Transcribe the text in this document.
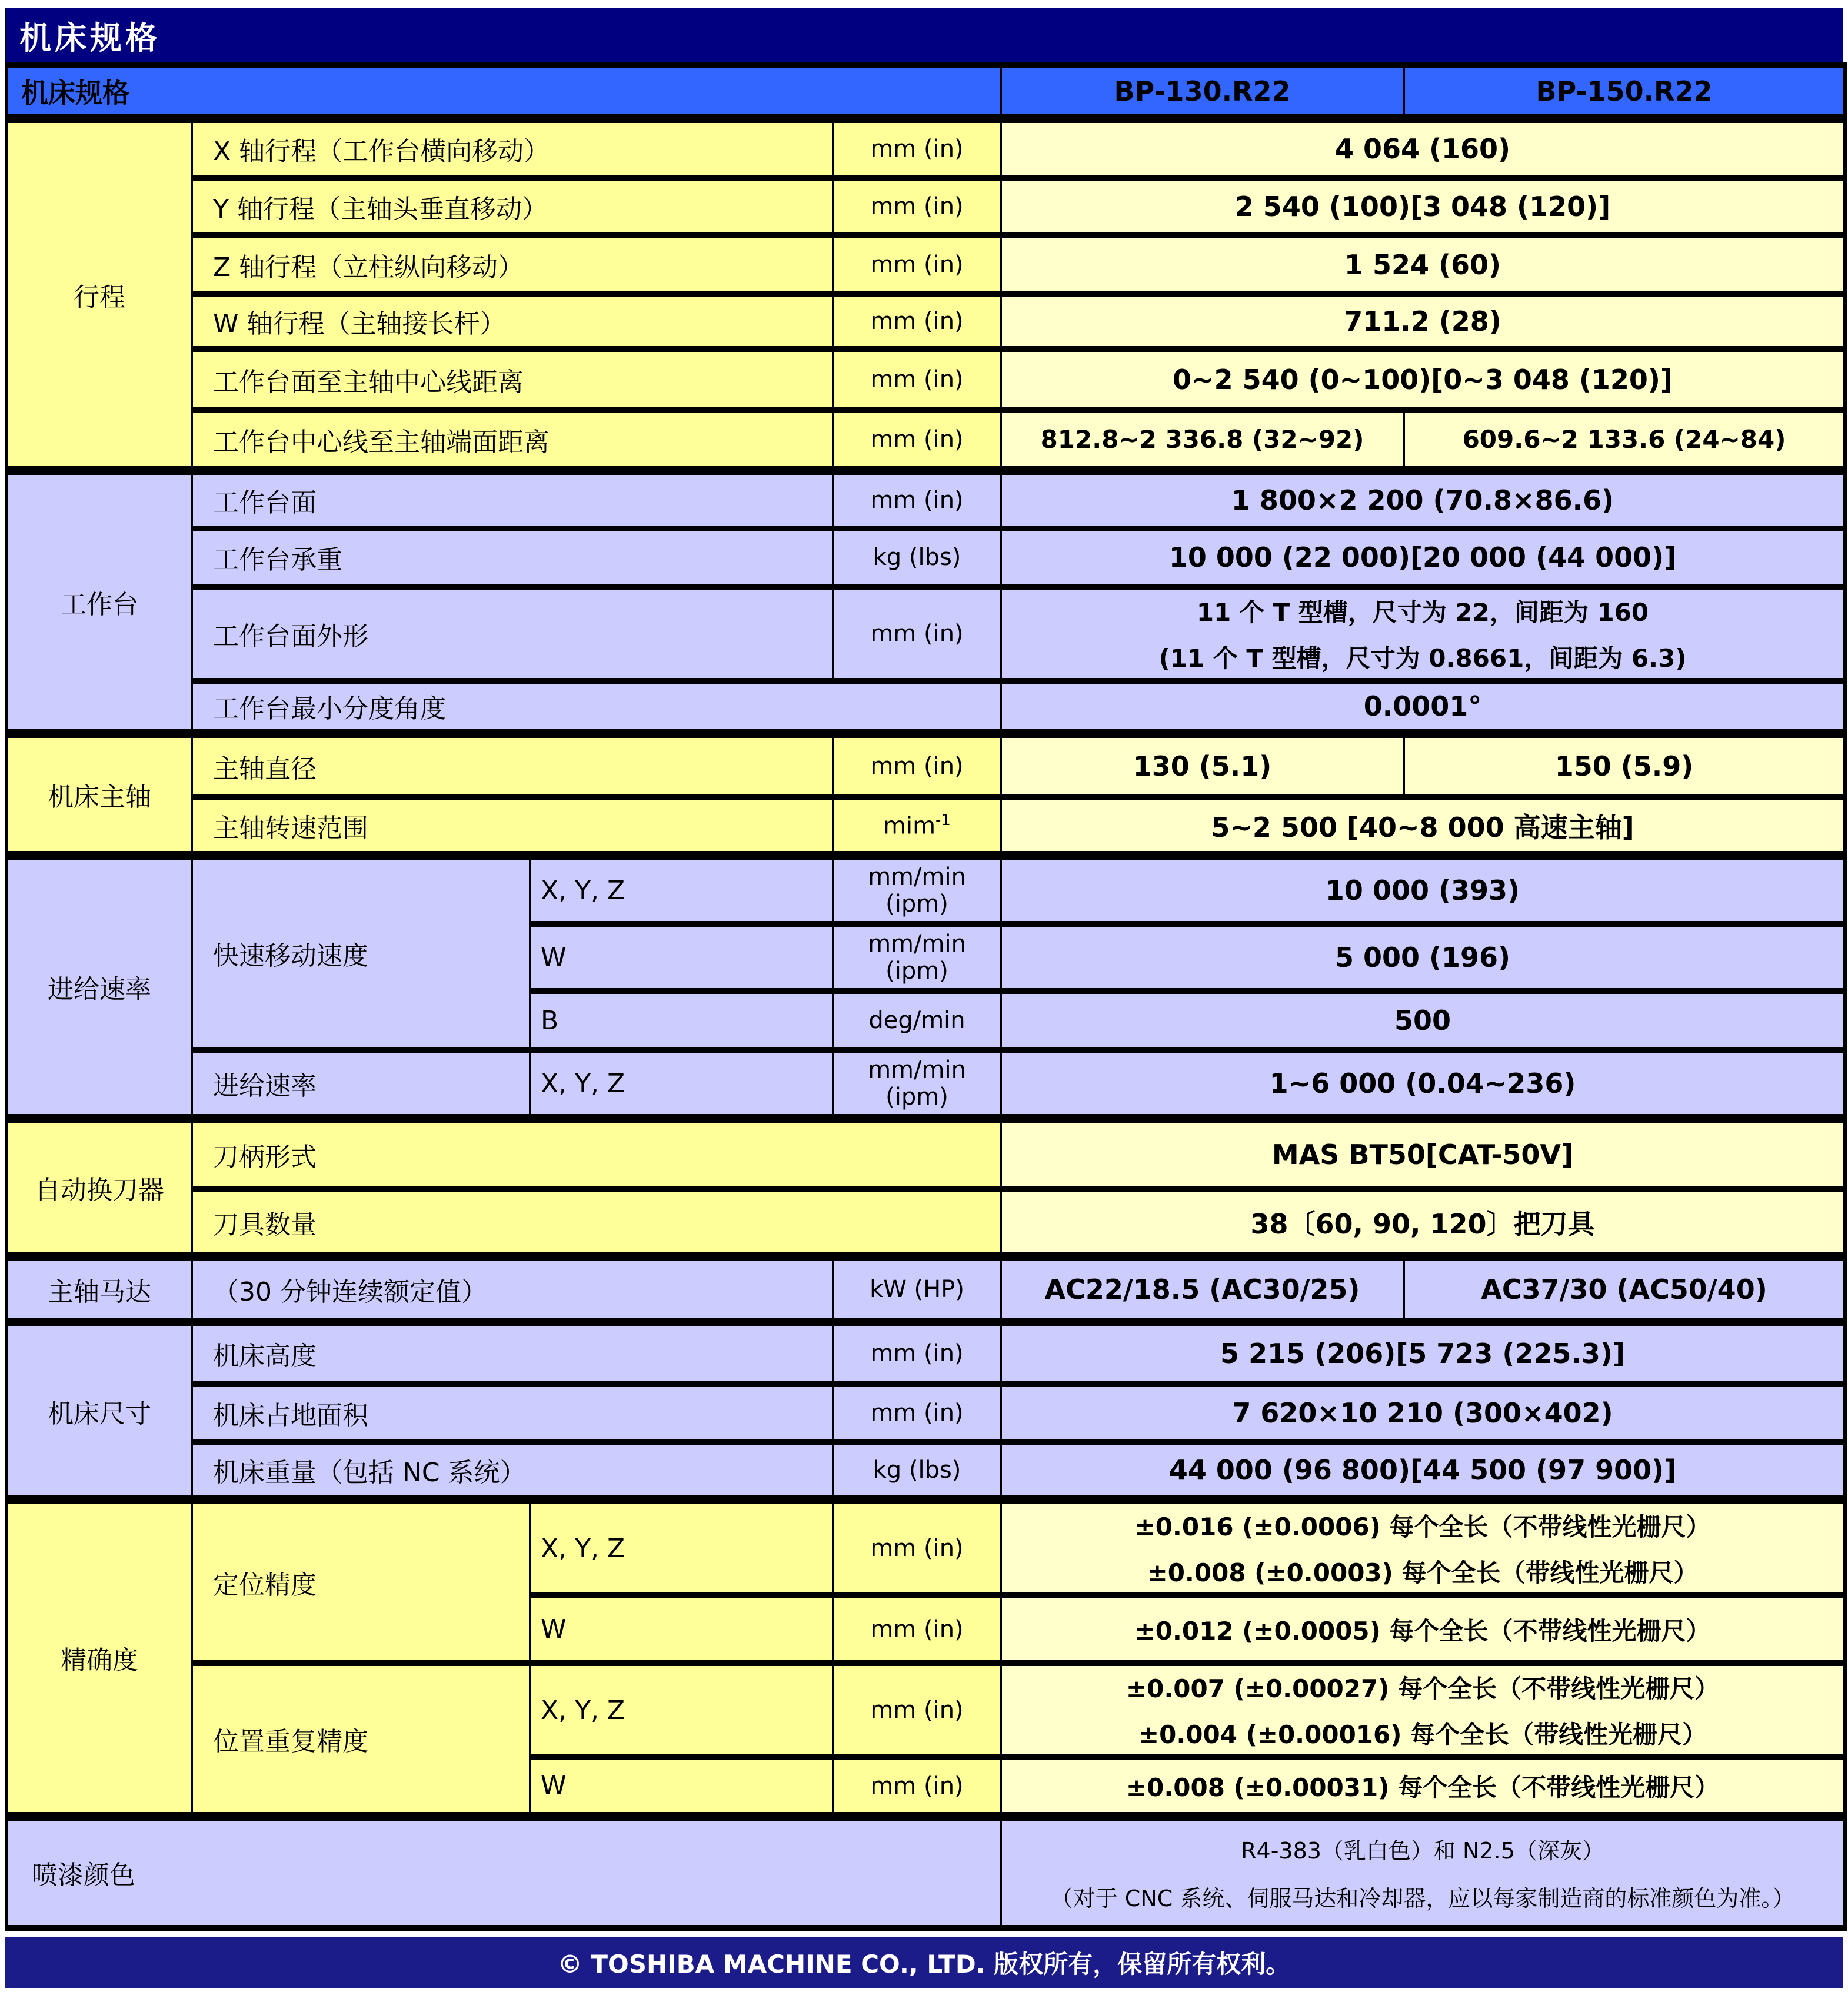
机床规格
机床规格				BP-130.R22	BP-150.R22
行程	X 轴行程（工作台横向移动）		mm (in)	4 064 (160)	
	Y 轴行程（主轴头垂直移动）		mm (in)	2 540 (100)[3 048 (120)]	
	Z 轴行程（立柱纵向移动）		mm (in)	1 524 (60)	
	W 轴行程（主轴接长杆）		mm (in)	711.2 (28)	
	工作台面至主轴中心线距离		mm (in)	0~2 540 (0~100)[0~3 048 (120)]	
	工作台中心线至主轴端面距离		mm (in)	812.8~2 336.8 (32~92)	609.6~2 133.6 (24~84)
工作台	工作台面		mm (in)	1 800×2 200 (70.8×86.6)	
	工作台承重		kg (lbs)	10 000 (22 000)[20 000 (44 000)]	
	工作台面外形		mm (in)	11 个 T 型槽，尺寸为 22，间距为 160
(11 个 T 型槽，尺寸为 0.8661，间距为 6.3)	

	工作台最小分度角度			0.0001°	
机床主轴	主轴直径		mm (in)	130 (5.1)	150 (5.9)
	主轴转速范围		mim$^{-1}$	5~2 500 [40~8 000 高速主轴]	
进给速率	快速移动速度	X, Y, Z	mm/min (ipm)	10 000 (393)	
		W	mm/min (ipm)	5 000 (196)	
		B	deg/min	500	
	进给速率	X, Y, Z	mm/min (ipm)	1~6 000 (0.04~236)	
自动换刀器	刀柄形式			MAS BT50[CAT-50V]	
	刀具数量			38〔60, 90, 120〕把刀具	
主轴马达	（30 分钟连续额定值）		kW (HP)	AC22/18.5 (AC30/25)	AC37/30 (AC50/40)
机床尺寸	机床高度		mm (in)	5 215 (206)[5 723 (225.3)]	
	机床占地面积		mm (in)	7 620×10 210 (300×402)	
	机床重量（包括 NC 系统）		kg (lbs)	44 000 (96 800)[44 500 (97 900)]	
精确度	定位精度	X, Y, Z	mm (in)	±0.016 (±0.0006) 每个全长（不带线性光栅尺）
±0.008 (±0.0003) 每个全长（带线性光栅尺）	

		W	mm (in)	±0.012 (±0.0005) 每个全长（不带线性光栅尺）	
	位置重复精度	X, Y, Z	mm (in)	±0.007 (±0.00027) 每个全长（不带线性光栅尺）
±0.004 (±0.00016) 每个全长（带线性光栅尺）	

		W	mm (in)	±0.008 (±0.00031) 每个全长（不带线性光栅尺）	
喷漆颜色				R4-383（乳白色）和 N2.5（深灰）
（对于 CNC 系统、伺服马达和冷却器，应以每家制造商的标准颜色为准。）	
© TOSHIBA MACHINE CO., LTD. 版权所有，保留所有权利。
